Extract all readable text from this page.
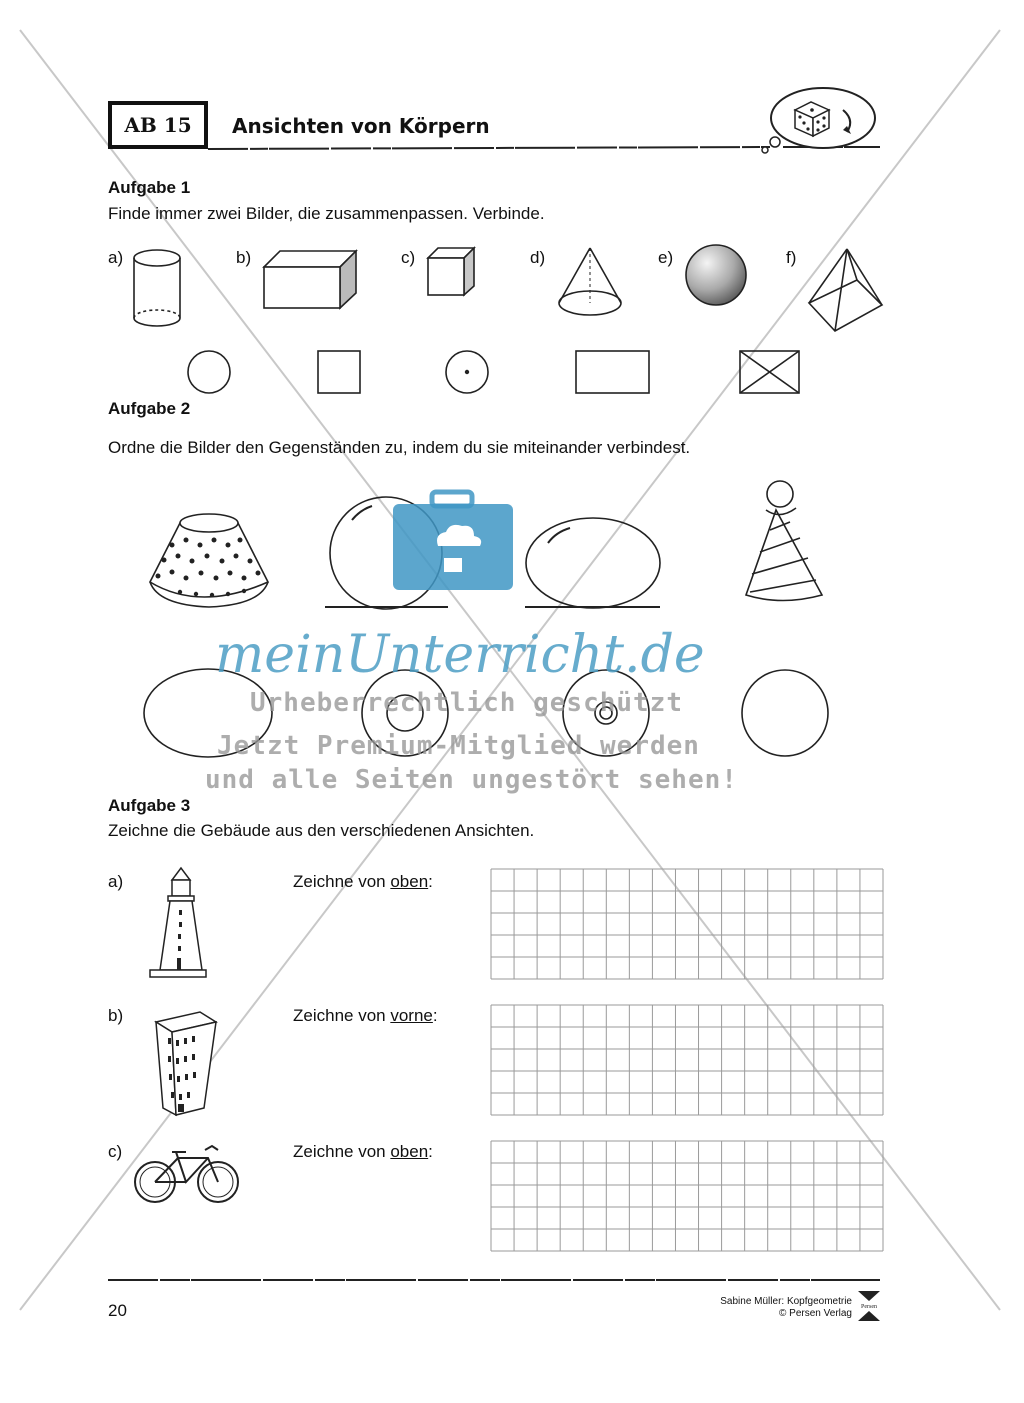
AB 15	Ansichten von Körpern
Aufgabe 1
Finde immer zwei Bilder, die zusammenpassen. Verbinde.
a)	b)	c)	d)	e)	f)
Aufgabe 2
Ordne die Bilder den Gegenständen zu, indem du sie miteinander verbindest.
meinUnterricht.de
Urheberrechtlich geschützt
Jetzt Premium-Mitglied werden
und alle Seiten ungestört sehen!
Aufgabe 3
Zeichne die Gebäude aus den verschiedenen Ansichten.
a)	Zeichne von oben:
b)	Zeichne von vorne:
c)	Zeichne von oben:
20	Sabine Müller: Kopfgeometrie
© Persen Verlag
Persen
